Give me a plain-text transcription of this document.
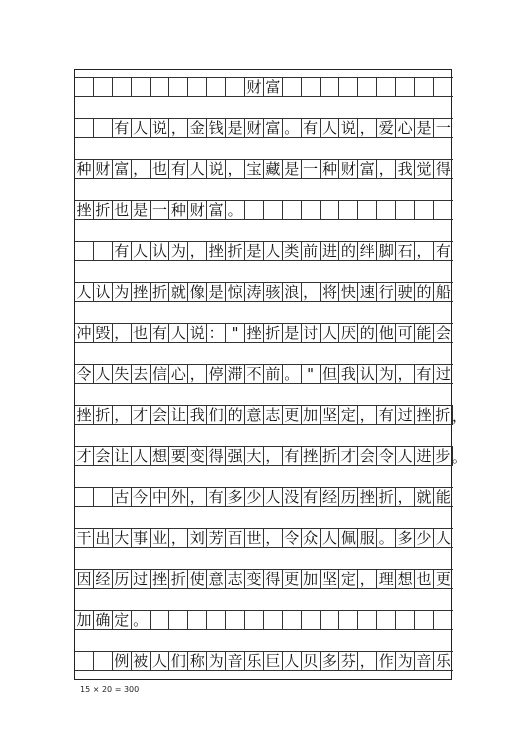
财 富
有 人 说 ， 金 钱 是 财 富 。 有 人 说 ， 爱 心 是 一
种 财 富 ， 也 有 人 说 ， 宝 藏 是 一 种 财 富 ， 我 觉 得
挫 折 也 是 一 种 财 富 。
有 人 认 为 ， 挫 折 是 人 类 前 进 的 绊 脚 石 ， 有
人 认 为 挫 折 就 像 是 惊 涛 骇 浪 ， 将 快 速 行 驶 的 船
冲 毁 ， 也 有 人 说 ： " 挫 折 是 讨 人 厌 的 他 可 能 会
令 人 失 去 信 心 ， 停 滞 不 前 。 " 但 我 认 为 ， 有 过
挫 折 ， 才 会 让 我 们 的 意 志 更 加 坚 定 ， 有 过 挫 折 ，
才 会 让 人 想 要 变 得 强 大 ， 有 挫 折 才 会 令 人 进 步 。
古 今 中 外 ， 有 多 少 人 没 有 经 历 挫 折 ， 就 能
干 出 大 事 业 ， 刘 芳 百 世 ， 令 众 人 佩 服 。 多 少 人
因 经 历 过 挫 折 使 意 志 变 得 更 加 坚 定 ， 理 想 也 更
加 确 定 。
例 被 人 们 称 为 音 乐 巨 人 贝 多 芬 ， 作 为 音 乐
15 × 20 = 300
